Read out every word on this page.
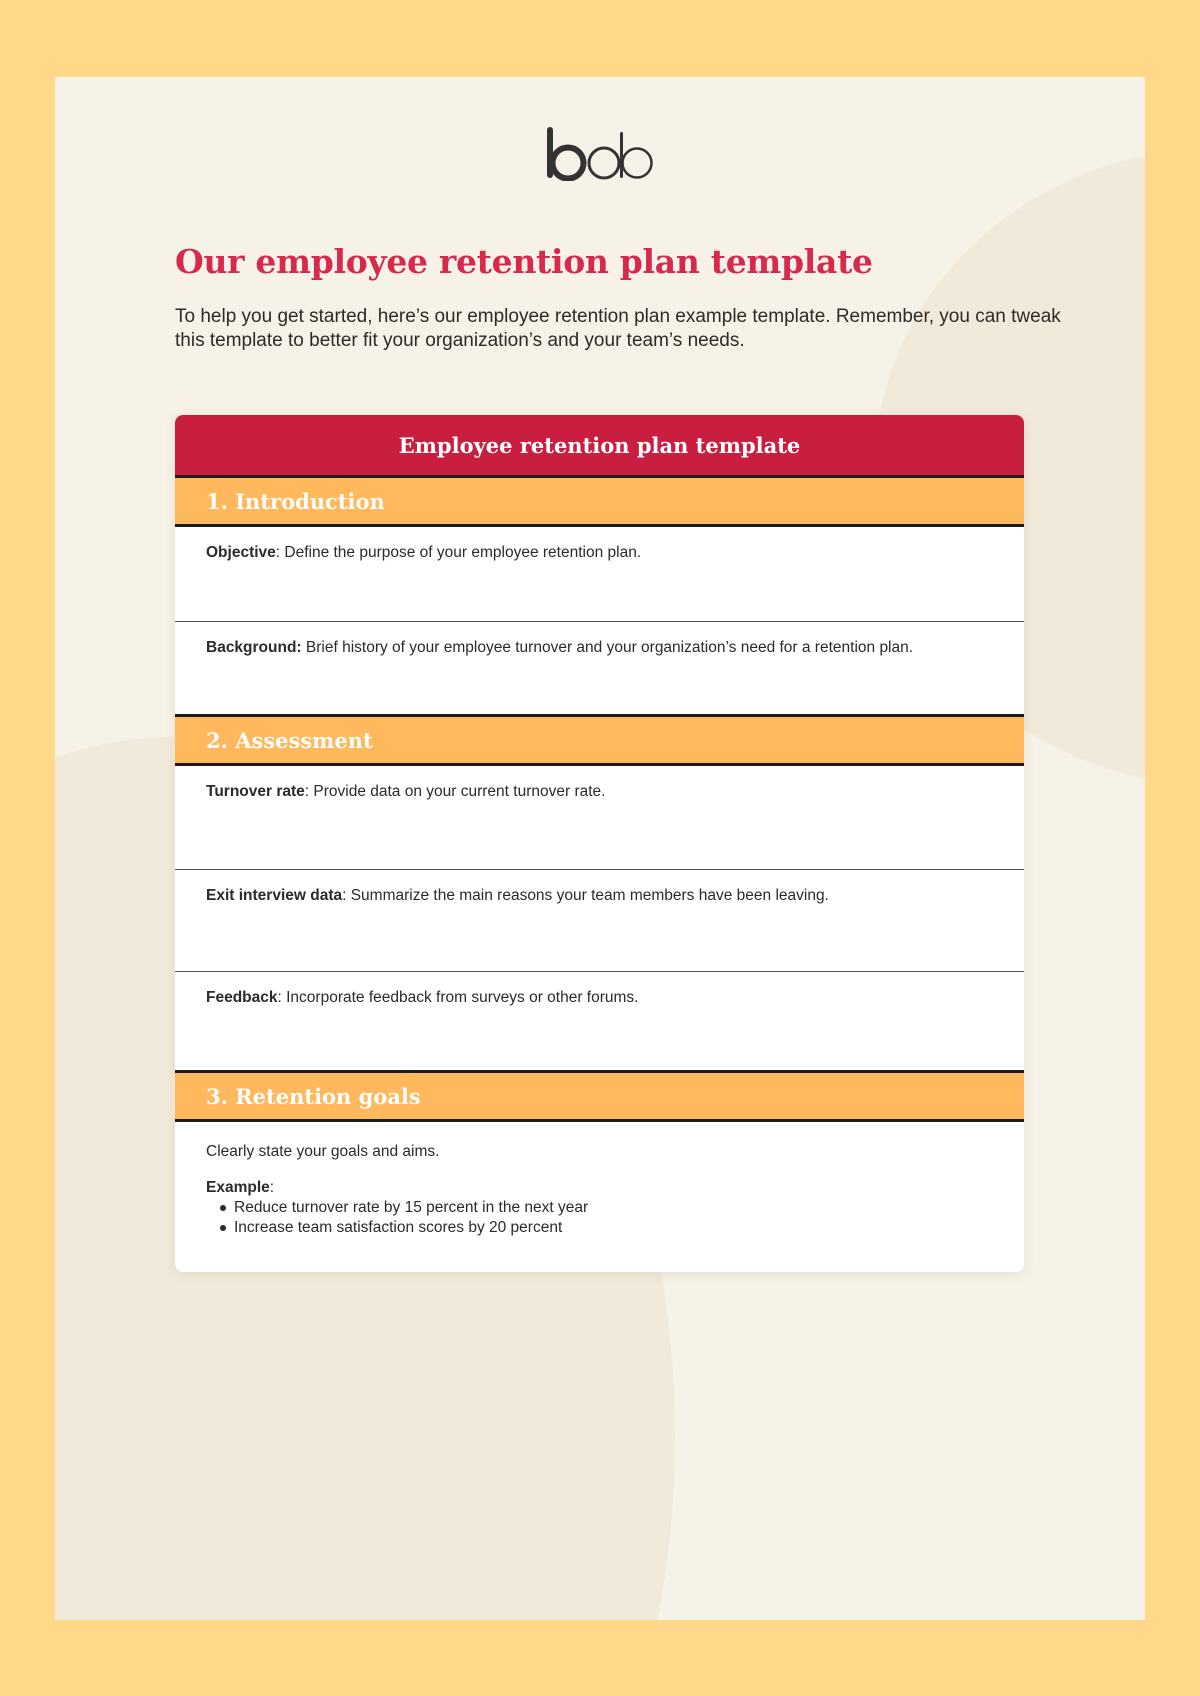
Our employee retention plan template

To help you get started, here’s our employee retention plan example template. Remember, you can tweak this template to better fit your organization’s and your team’s needs.

Employee retention plan template
1. Introduction
Objective: Define the purpose of your employee retention plan.
Background: Brief history of your employee turnover and your organization’s need for a retention plan.
2. Assessment
Turnover rate: Provide data on your current turnover rate.
Exit interview data: Summarize the main reasons your team members have been leaving.
Feedback: Incorporate feedback from surveys or other forums.
3. Retention goals

Clearly state your goals and aims.

Example:

Reduce turnover rate by 15 percent in the next year
Increase team satisfaction scores by 20 percent
